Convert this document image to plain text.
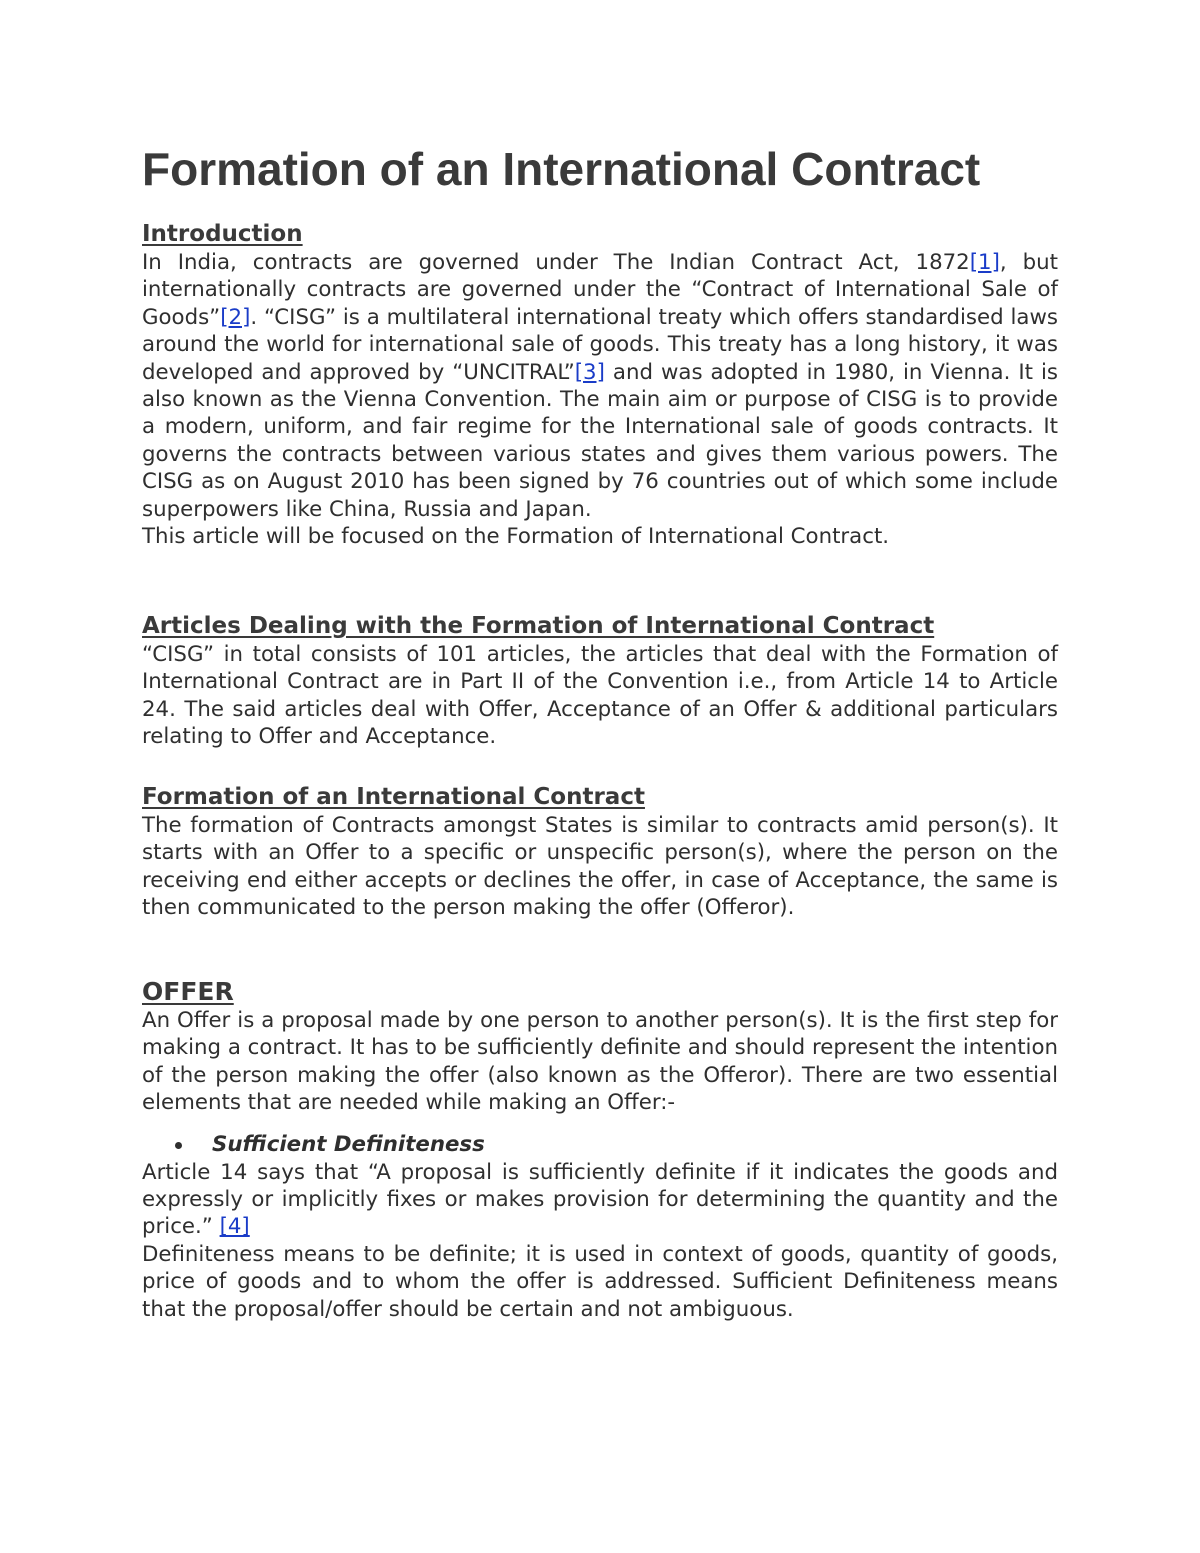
Formation of an International Contract
Introduction

In India, contracts are governed under The Indian Contract Act, 1872[1], but internationally contracts are governed under the “Contract of International Sale of Goods”[2]. “CISG” is a multilateral international treaty which offers standardised laws around the world for international sale of goods. This treaty has a long history, it was developed and approved by “UNCITRAL”[3] and was adopted in 1980, in Vienna. It is also known as the Vienna Convention. The main aim or purpose of CISG is to provide a modern, uniform, and fair regime for the International sale of goods contracts. It governs the contracts between various states and gives them various powers. The CISG as on August 2010 has been signed by 76 countries out of which some include superpowers like China, Russia and Japan.

This article will be focused on the Formation of International Contract.

Articles Dealing with the Formation of International Contract

“CISG” in total consists of 101 articles, the articles that deal with the Formation of International Contract are in Part II of the Convention i.e., from Article 14 to Article 24. The said articles deal with Offer, Acceptance of an Offer & additional particulars relating to Offer and Acceptance.

Formation of an International Contract

The formation of Contracts amongst States is similar to contracts amid person(s). It starts with an Offer to a specific or unspecific person(s), where the person on the receiving end either accepts or declines the offer, in case of Acceptance, the same is then communicated to the person making the offer (Offeror).

OFFER

An Offer is a proposal made by one person to another person(s). It is the first step for making a contract. It has to be sufficiently definite and should represent the intention of the person making the offer (also known as the Offeror). There are two essential elements that are needed while making an Offer:-

Sufficient Definiteness

Article 14 says that “A proposal is sufficiently definite if it indicates the goods and expressly or implicitly fixes or makes provision for determining the quantity and the price.” [4]

Definiteness means to be definite; it is used in context of goods, quantity of goods, price of goods and to whom the offer is addressed. Sufficient Definiteness means that the proposal/offer should be certain and not ambiguous.
